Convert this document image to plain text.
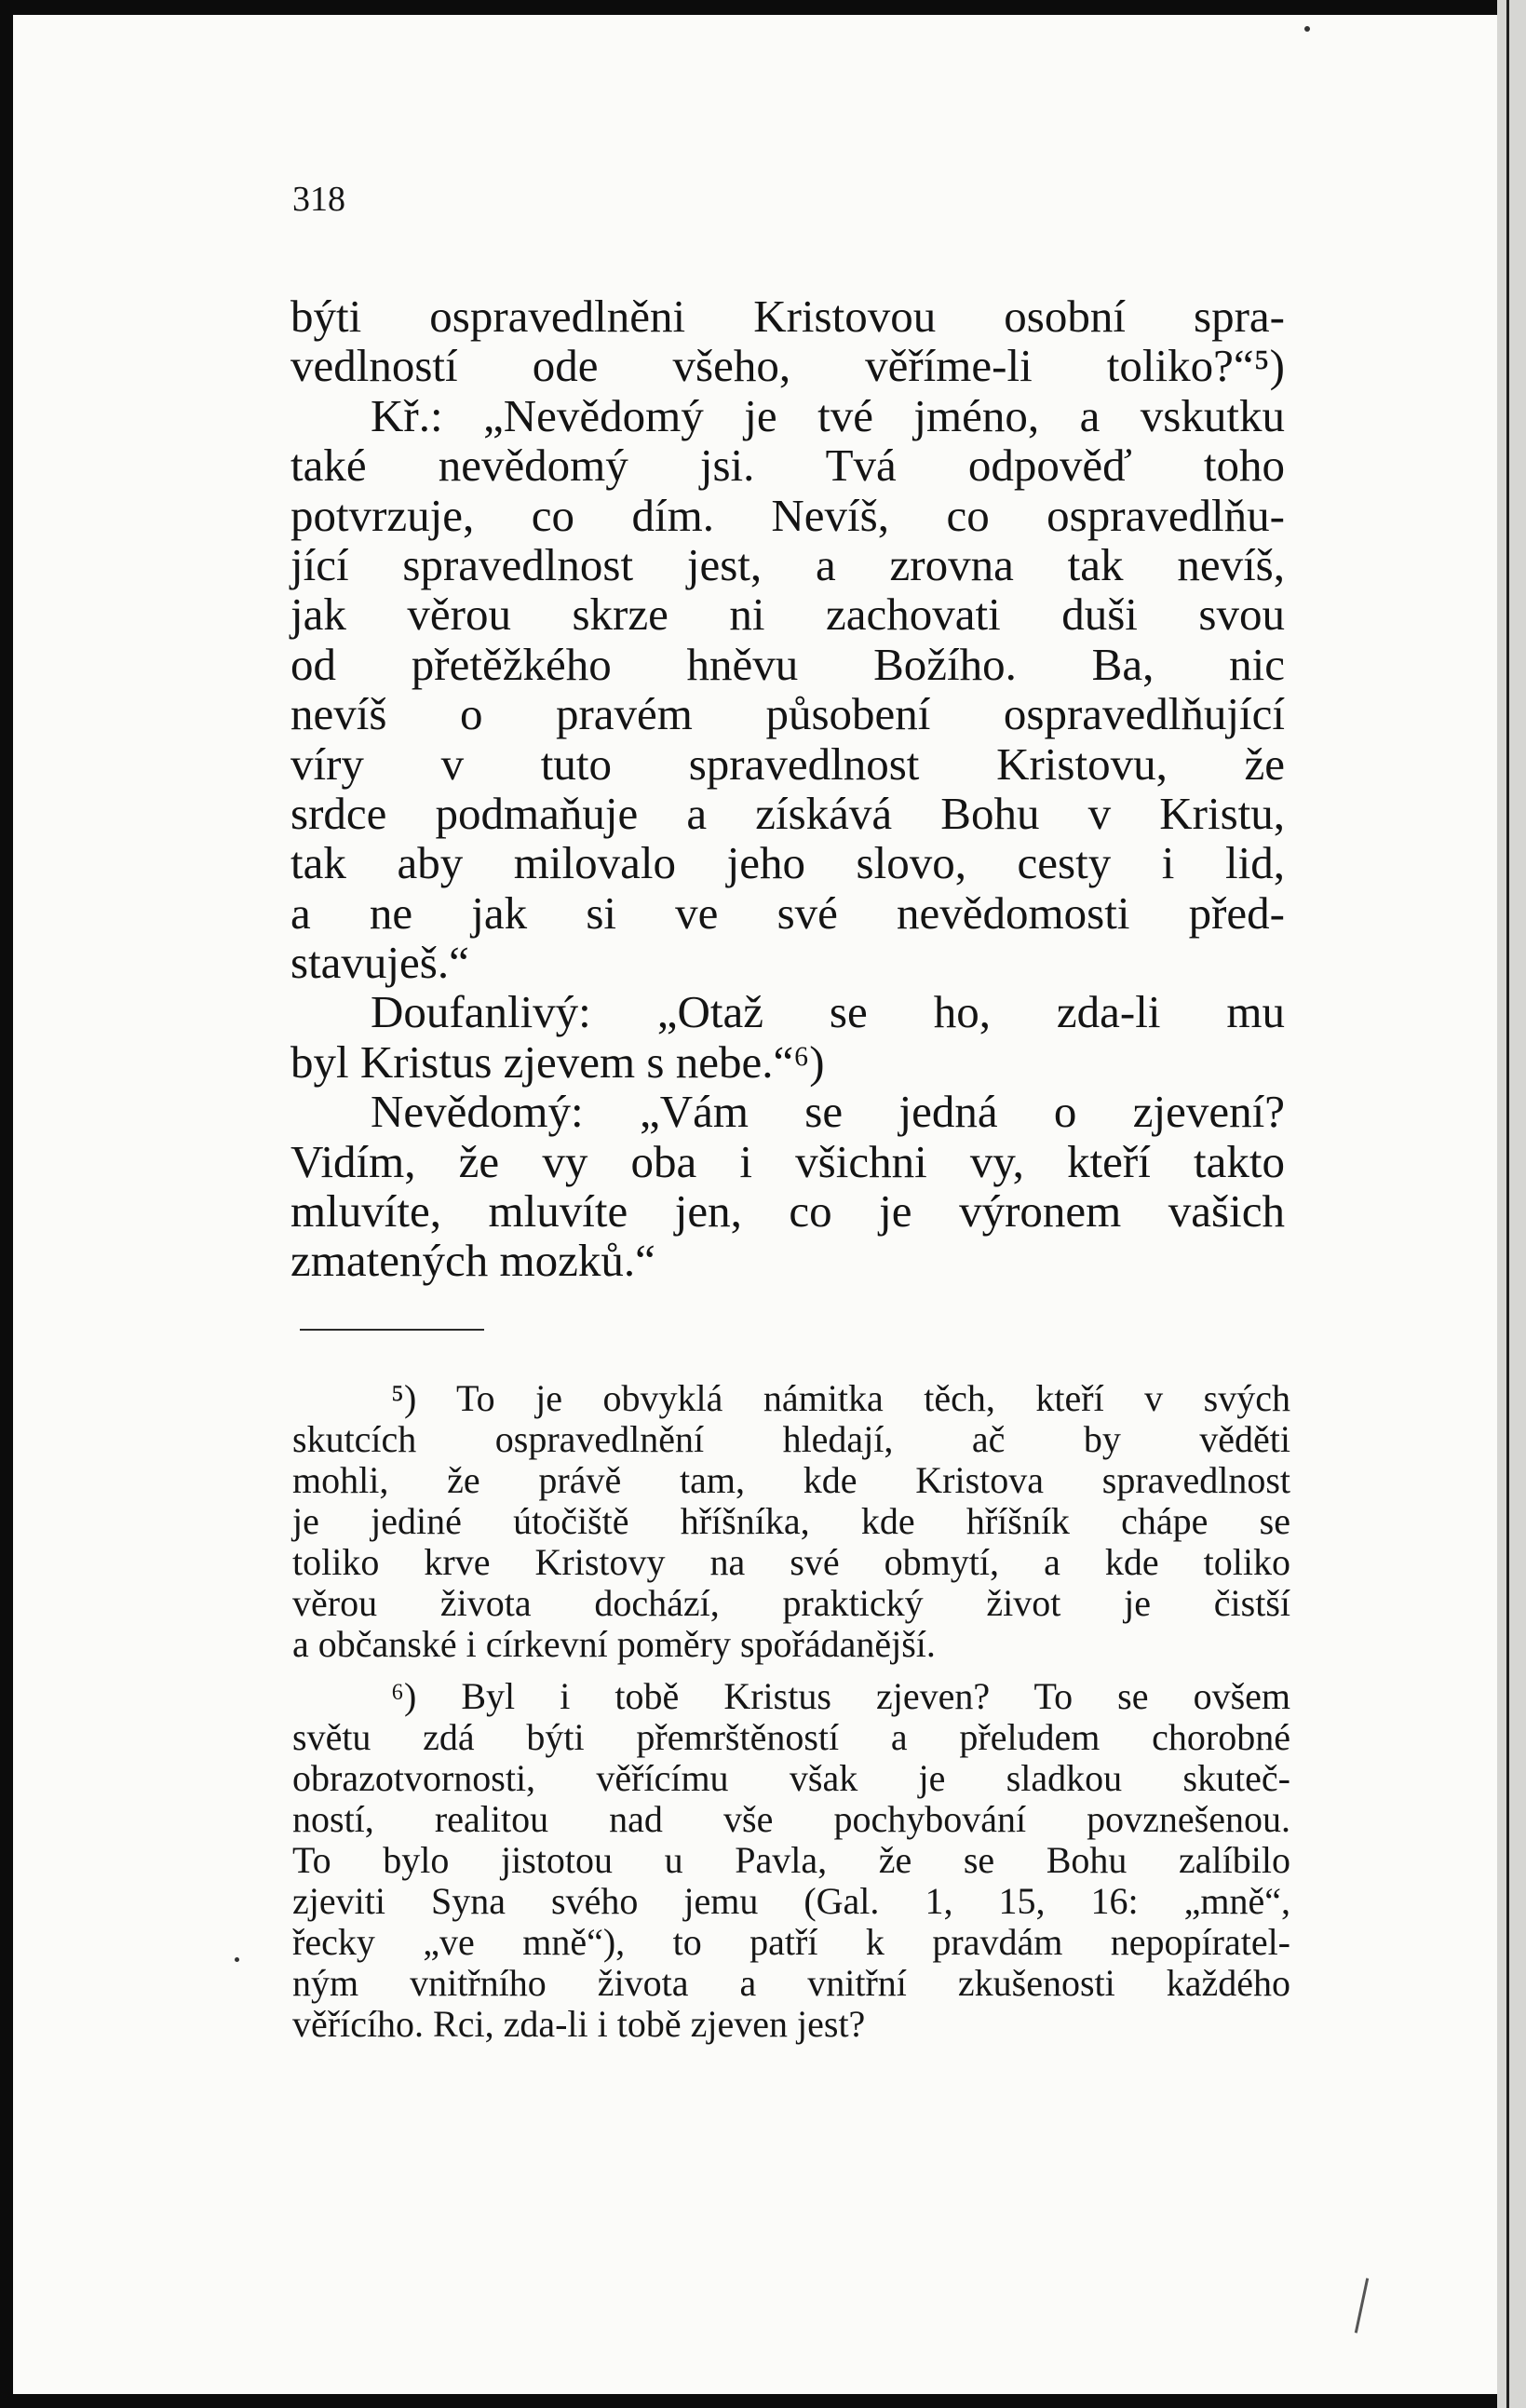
318
býti ospravedlněni Kristovou osobní spra-
vedlností ode všeho, věříme-li toliko?“⁵)
Kř.: „Nevědomý je tvé jméno, a vskutku
také nevědomý jsi. Tvá odpověď toho
potvrzuje, co dím. Nevíš, co ospravedlňu-
jící spravedlnost jest, a zrovna tak nevíš,
jak věrou skrze ni zachovati duši svou
od přetěžkého hněvu Božího. Ba, nic
nevíš o pravém působení ospravedlňující
víry v tuto spravedlnost Kristovu, že
srdce podmaňuje a získává Bohu v Kristu,
tak aby milovalo jeho slovo, cesty i lid,
a ne jak si ve své nevědomosti před-
stavuješ.“
Doufanlivý: „Otaž se ho, zda-li mu
byl Kristus zjevem s nebe.“⁶)
Nevědomý: „Vám se jedná o zjevení?
Vidím, že vy oba i všichni vy, kteří takto
mluvíte, mluvíte jen, co je výronem vašich
zmatených mozků.“
⁵) To je obvyklá námitka těch, kteří v svých
skutcích ospravedlnění hledají, ač by věděti
mohli, že právě tam, kde Kristova spravedlnost
je jediné útočiště hříšníka, kde hříšník chápe se
toliko krve Kristovy na své obmytí, a kde toliko
věrou života dochází, praktický život je čistší
a občanské i církevní poměry spořádanější.
⁶) Byl i tobě Kristus zjeven? To se ovšem
světu zdá býti přemrštěností a přeludem chorobné
obrazotvornosti, věřícímu však je sladkou skuteč-
ností, realitou nad vše pochybování povznešenou.
To bylo jistotou u Pavla, že se Bohu zalíbilo
zjeviti Syna svého jemu (Gal. 1, 15, 16: „mně“,
řecky „ve mně“), to patří k pravdám nepopíratel-
ným vnitřního života a vnitřní zkušenosti každého
věřícího. Rci, zda-li i tobě zjeven jest?
